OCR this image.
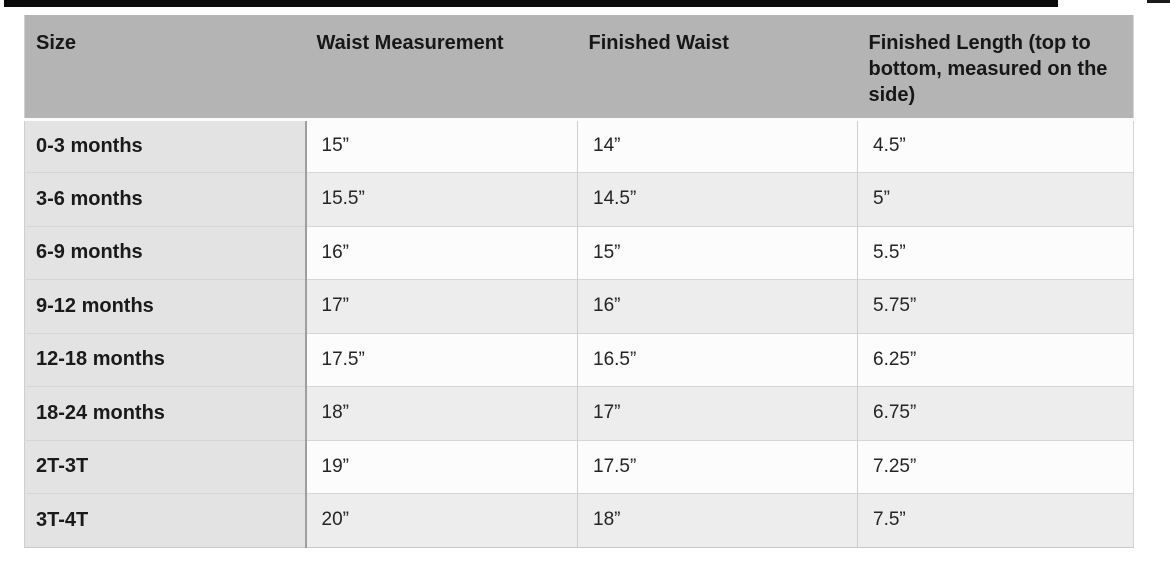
Size	Waist Measurement	Finished Waist	Finished Length (top to bottom, measured on the side)
0-3 months	15”	14”	4.5”
3-6 months	15.5”	14.5”	5”
6-9 months	16”	15”	5.5”
9-12 months	17”	16”	5.75”
12-18 months	17.5”	16.5”	6.25”
18-24 months	18”	17”	6.75”
2T-3T	19”	17.5”	7.25”
3T-4T	20”	18”	7.5”
